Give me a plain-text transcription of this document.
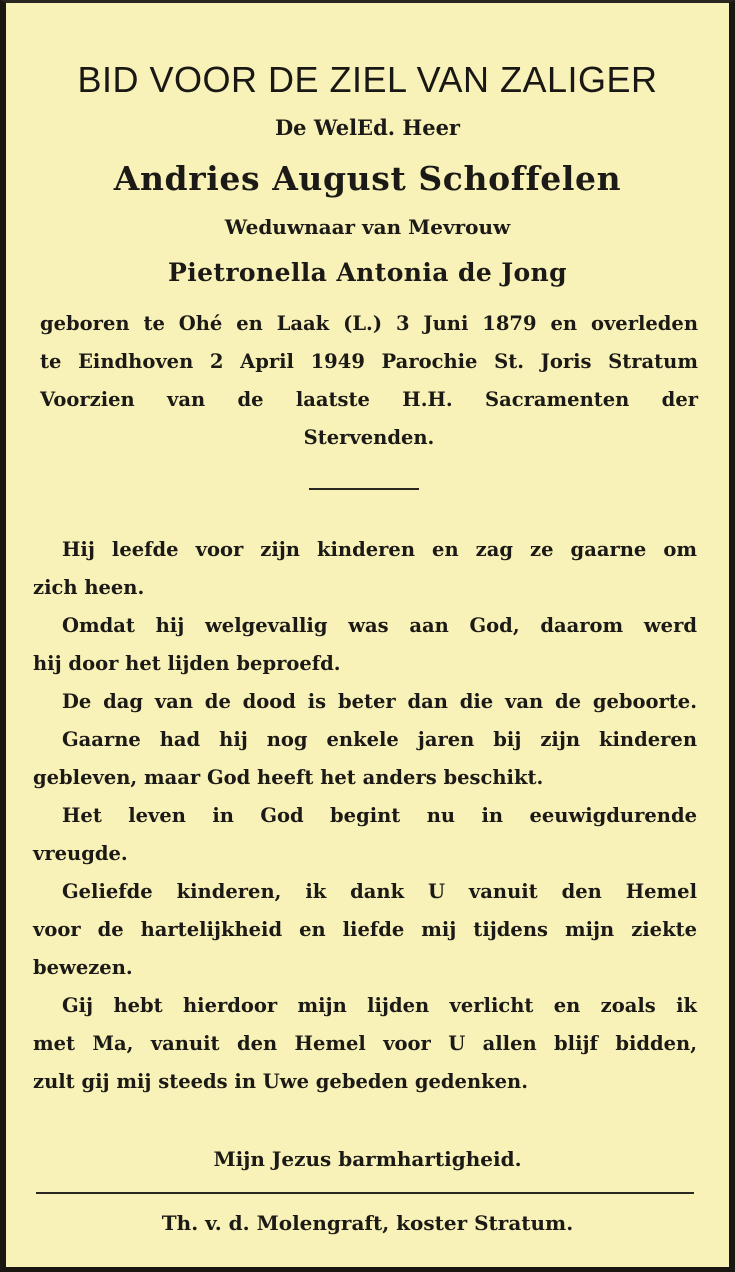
BID VOOR DE ZIEL VAN ZALIGER
De WelEd. Heer
Andries August Schoffelen
Weduwnaar van Mevrouw
Pietronella Antonia de Jong
geboren te Ohé en Laak (L.) 3 Juni 1879 en overleden
te Eindhoven 2 April 1949 Parochie St. Joris Stratum
Voorzien van de laatste H.H. Sacramenten der
Stervenden.
Hij leefde voor zijn kinderen en zag ze gaarne om
zich heen.
Omdat hij welgevallig was aan God, daarom werd
hij door het lijden beproefd.
De dag van de dood is beter dan die van de geboorte.
Gaarne had hij nog enkele jaren bij zijn kinderen
gebleven, maar God heeft het anders beschikt.
Het leven in God begint nu in eeuwigdurende
vreugde.
Geliefde kinderen, ik dank U vanuit den Hemel
voor de hartelijkheid en liefde mij tijdens mijn ziekte
bewezen.
Gij hebt hierdoor mijn lijden verlicht en zoals ik
met Ma, vanuit den Hemel voor U allen blijf bidden,
zult gij mij steeds in Uwe gebeden gedenken.
Mijn Jezus barmhartigheid.
Th. v. d. Molengraft, koster Stratum.
